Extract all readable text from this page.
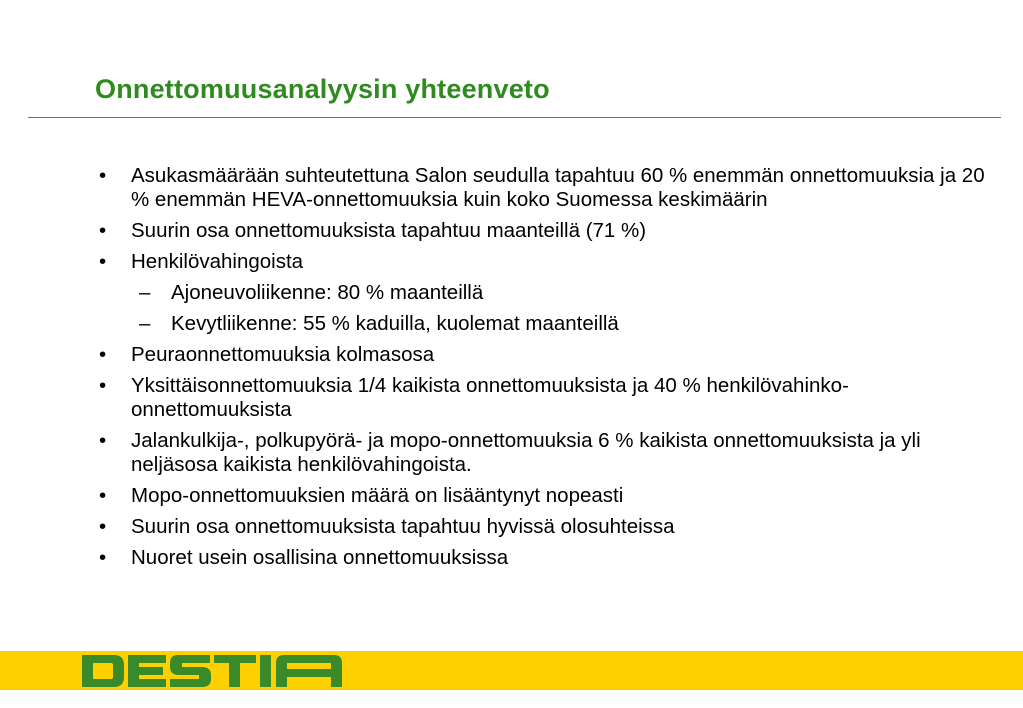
Onnettomuusanalyysin yhteenveto
•	Asukasmäärään suhteutettuna Salon seudulla tapahtuu 60 % enemmän onnettomuuksia ja 20 % enemmän HEVA-onnettomuuksia kuin koko Suomessa keskimäärin
•	Suurin osa onnettomuuksista tapahtuu maanteillä (71 %)
•	Henkilövahingoista
–	Ajoneuvoliikenne: 80 % maanteillä
–	Kevytliikenne: 55 % kaduilla, kuolemat maanteillä
•	Peuraonnettomuuksia kolmasosa
•	Yksittäisonnettomuuksia 1/4 kaikista onnettomuuksista ja 40 % henkilövahinko-onnettomuuksista
•	Jalankulkija-, polkupyörä- ja mopo-onnettomuuksia 6 % kaikista onnettomuuksista ja yli neljäsosa kaikista henkilövahingoista.
•	Mopo-onnettomuuksien määrä on lisääntynyt nopeasti
•	Suurin osa onnettomuuksista tapahtuu hyvissä olosuhteissa
•	Nuoret usein osallisina onnettomuuksissa
